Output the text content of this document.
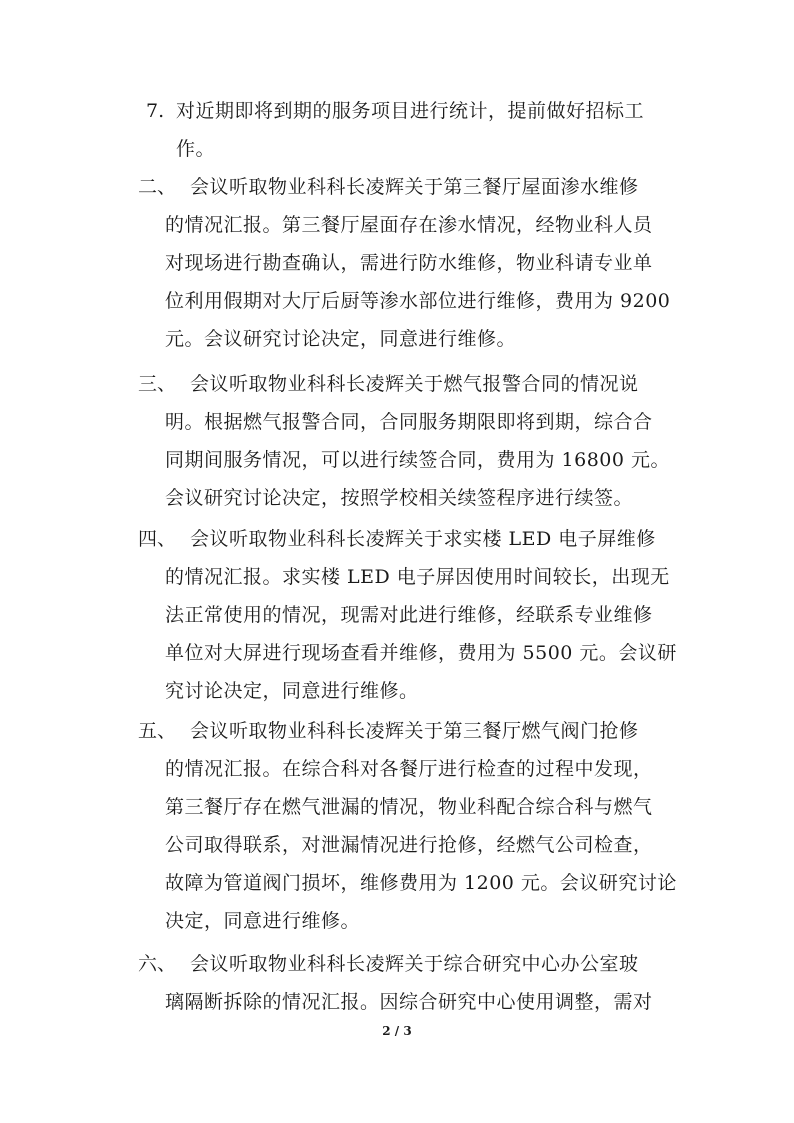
7. 对近期即将到期的服务项目进行统计，提前做好招标工
作。
二、 会议听取物业科科长凌辉关于第三餐厅屋面渗水维修
的情况汇报。第三餐厅屋面存在渗水情况，经物业科人员
对现场进行勘查确认，需进行防水维修，物业科请专业单
位利用假期对大厅后厨等渗水部位进行维修，费用为 9200
元。会议研究讨论决定，同意进行维修。
三、 会议听取物业科科长凌辉关于燃气报警合同的情况说
明。根据燃气报警合同，合同服务期限即将到期，综合合
同期间服务情况，可以进行续签合同，费用为 16800 元。
会议研究讨论决定，按照学校相关续签程序进行续签。
四、 会议听取物业科科长凌辉关于求实楼 LED 电子屏维修
的情况汇报。求实楼 LED 电子屏因使用时间较长，出现无
法正常使用的情况，现需对此进行维修，经联系专业维修
单位对大屏进行现场查看并维修，费用为 5500 元。会议研
究讨论决定，同意进行维修。
五、 会议听取物业科科长凌辉关于第三餐厅燃气阀门抢修
的情况汇报。在综合科对各餐厅进行检查的过程中发现，
第三餐厅存在燃气泄漏的情况，物业科配合综合科与燃气
公司取得联系，对泄漏情况进行抢修，经燃气公司检查，
故障为管道阀门损坏，维修费用为 1200 元。会议研究讨论
决定，同意进行维修。
六、 会议听取物业科科长凌辉关于综合研究中心办公室玻
璃隔断拆除的情况汇报。因综合研究中心使用调整，需对
2 / 3
